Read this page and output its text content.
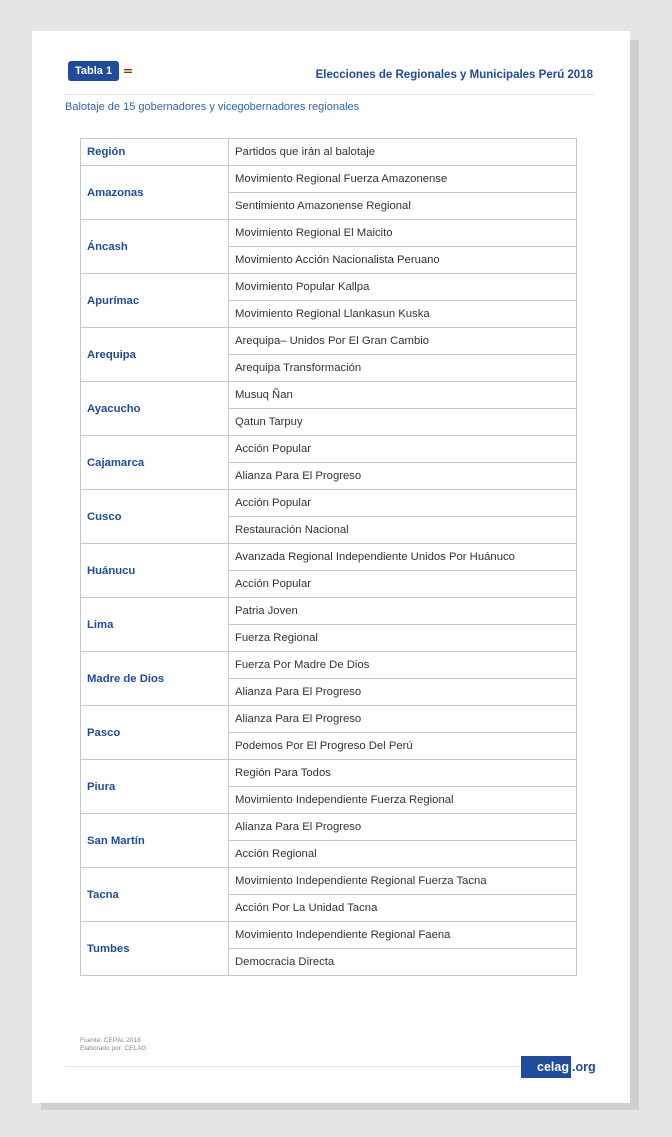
Tabla 1	Elecciones de Regionales y Municipales Perú 2018
Balotaje de 15 gobernadores y vicegobernadores regionales
Región	Partidos que irán al balotaje
Amazonas	Movimiento Regional Fuerza Amazonense
	Sentimiento Amazonense Regional
Áncash	Movimiento Regional El Maicito
	Movimiento Acción Nacionalista Peruano
Apurímac	Movimiento Popular Kallpa
	Movimiento Regional Llankasun Kuska
Arequipa	Arequipa– Unidos Por El Gran Cambio
	Arequipa Transformación
Ayacucho	Musuq Ñan
	Qatun Tarpuy
Cajamarca	Acción Popular
	Alianza Para El Progreso
Cusco	Acción Popular
	Restauración Nacional
Huánucu	Avanzada Regional Independiente Unidos Por Huánuco
	Acción Popular
Lima	Patria Joven
	Fuerza Regional
Madre de Dios	Fuerza Por Madre De Dios
	Alianza Para El Progreso
Pasco	Alianza Para El Progreso
	Podemos Por El Progreso Del Perú
Piura	Región Para Todos
	Movimiento Independiente Fuerza Regional
San Martín	Alianza Para El Progreso
	Acción Regional
Tacna	Movimiento Independiente Regional Fuerza Tacna
	Acción Por La Unidad Tacna
Tumbes	Movimiento Independiente Regional Faena
	Democracia Directa
Fuente: CEPAL 2018
Elaborado por: CELAG
celag .org
